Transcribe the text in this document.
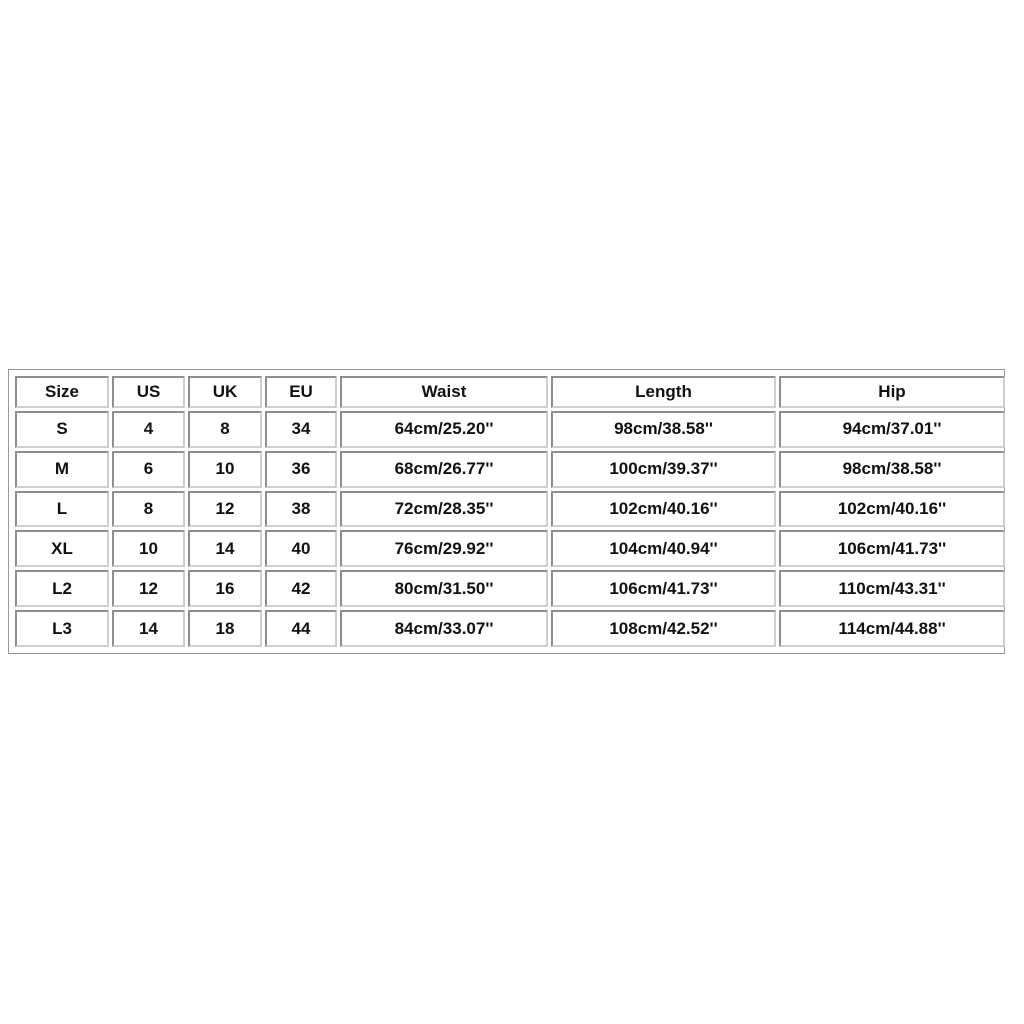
Size	US	UK	EU	Waist	Length	Hip
S	4	8	34	64cm/25.20''	98cm/38.58''	94cm/37.01''
M	6	10	36	68cm/26.77''	100cm/39.37''	98cm/38.58''
L	8	12	38	72cm/28.35''	102cm/40.16''	102cm/40.16''
XL	10	14	40	76cm/29.92''	104cm/40.94''	106cm/41.73''
L2	12	16	42	80cm/31.50''	106cm/41.73''	110cm/43.31''
L3	14	18	44	84cm/33.07''	108cm/42.52''	114cm/44.88''
